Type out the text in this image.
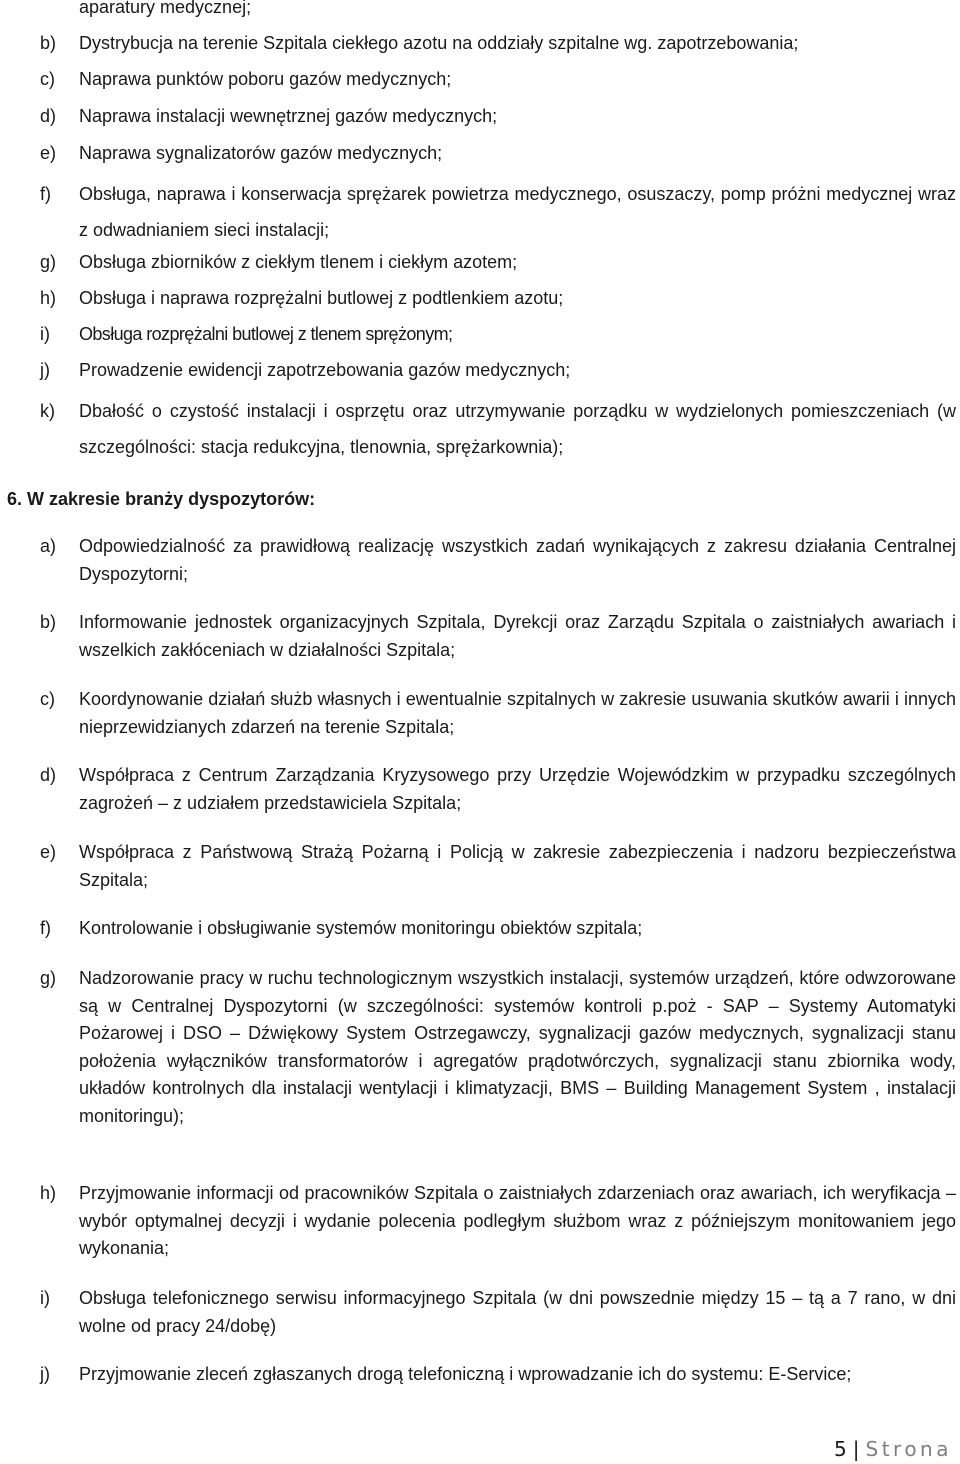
aparatury medycznej;
b) Dystrybucja na terenie Szpitala ciekłego azotu na oddziały szpitalne wg. zapotrzebowania;
c) Naprawa punktów poboru gazów medycznych;
d) Naprawa instalacji wewnętrznej gazów medycznych;
e) Naprawa sygnalizatorów gazów medycznych;
f) Obsługa, naprawa i konserwacja sprężarek powietrza medycznego, osuszaczy, pomp próżni medycznej wraz z odwadnianiem sieci instalacji;
g) Obsługa zbiorników z ciekłym tlenem i ciekłym azotem;
h) Obsługa i naprawa rozprężalni butlowej z podtlenkiem azotu;
i) Obsługa rozprężalni butlowej z tlenem sprężonym;
j) Prowadzenie ewidencji zapotrzebowania gazów medycznych;
k) Dbałość o czystość instalacji i osprzętu oraz utrzymywanie porządku w wydzielonych pomieszczeniach (w szczególności: stacja redukcyjna, tlenownia, sprężarkownia);
6. W zakresie branży dyspozytorów:
a) Odpowiedzialność za prawidłową realizację wszystkich zadań wynikających z zakresu działania Centralnej Dyspozytorni;
b) Informowanie jednostek organizacyjnych Szpitala, Dyrekcji oraz Zarządu Szpitala o zaistniałych awariach i wszelkich zakłóceniach w działalności Szpitala;
c) Koordynowanie działań służb własnych i ewentualnie szpitalnych w zakresie usuwania skutków awarii i innych nieprzewidzianych zdarzeń na terenie Szpitala;
d) Współpraca z Centrum Zarządzania Kryzysowego przy Urzędzie Wojewódzkim w przypadku szczególnych zagrożeń – z udziałem przedstawiciela Szpitala;
e) Współpraca z Państwową Strażą Pożarną i Policją w zakresie zabezpieczenia i nadzoru bezpieczeństwa Szpitala;
f) Kontrolowanie i obsługiwanie systemów monitoringu obiektów szpitala;
g) Nadzorowanie pracy w ruchu technologicznym wszystkich instalacji, systemów urządzeń, które odwzorowane są w Centralnej Dyspozytorni (w szczególności: systemów kontroli p.poż - SAP – Systemy Automatyki Pożarowej i DSO – Dźwiękowy System Ostrzegawczy, sygnalizacji gazów medycznych, sygnalizacji stanu położenia wyłączników transformatorów i agregatów prądotwórczych, sygnalizacji stanu zbiornika wody, układów kontrolnych dla instalacji wentylacji i klimatyzacji, BMS – Building Management System , instalacji monitoringu);
h) Przyjmowanie informacji od pracowników Szpitala o zaistniałych zdarzeniach oraz awariach, ich weryfikacja – wybór optymalnej decyzji i wydanie polecenia podległym służbom wraz z późniejszym monitowaniem jego wykonania;
i) Obsługa telefonicznego serwisu informacyjnego Szpitala (w dni powszednie między 15 – tą a 7 rano, w dni wolne od pracy 24/dobę)
j) Przyjmowanie zleceń zgłaszanych drogą telefoniczną i wprowadzanie ich do systemu: E-Service;
5 | Strona
